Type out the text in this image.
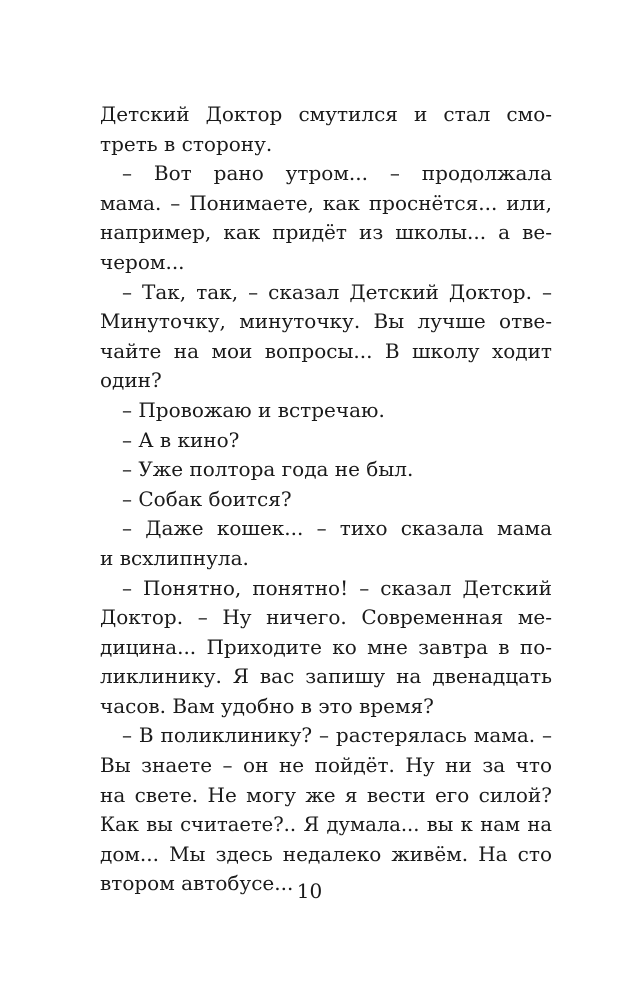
Детский Доктор смутился и стал смо-
треть в сторону.
– Вот рано утром... – продолжала
мама. – Понимаете, как проснётся... или,
например, как придёт из школы... а ве-
чером...
– Так, так, – сказал Детский Доктор. –
Минуточку, минуточку. Вы лучше отве-
чайте на мои вопросы... В школу ходит
один?
– Провожаю и встречаю.
– А в кино?
– Уже полтора года не был.
– Собак боится?
– Даже кошек... – тихо сказала мама
и всхлипнула.
– Понятно, понятно! – сказал Детский
Доктор. – Ну ничего. Современная ме-
дицина... Приходите ко мне завтра в по-
ликлинику. Я вас запишу на двенадцать
часов. Вам удобно в это время?
– В поликлинику? – растерялась мама. –
Вы знаете – он не пойдёт. Ну ни за что
на свете. Не могу же я вести его силой?
Как вы считаете?.. Я думала... вы к нам на
дом... Мы здесь недалеко живём. На сто
втором автобусе... 10
